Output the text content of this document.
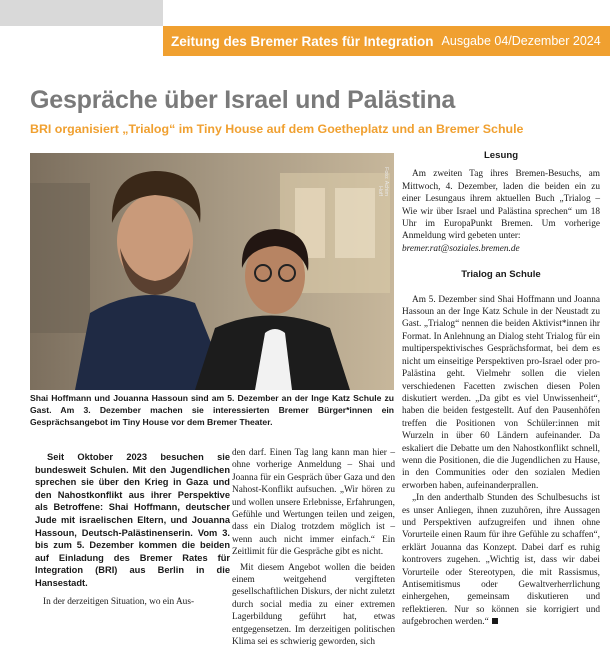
Zeitung des Bremer Rates für Integration Ausgabe 04/Dezember 2024
Gespräche über Israel und Palästina
BRI organisiert „Trialog“ im Tiny House auf dem Goetheplatz und an Bremer Schule
Foto: Achim Hoff

Shai Hoffmann und Jouanna Hassoun sind am 5. Dezember an der Inge Katz Schule zu Gast. Am 3. Dezember machen sie interessierten Bremer Bürger*innen ein Gesprächsangebot im Tiny House vor dem Bremer Theater.

Seit Oktober 2023 besuchen sie bundesweit Schulen. Mit den Jugendlichen sprechen sie über den Krieg in Gaza und den Nahostkonflikt aus ihrer Perspektive als Betroffene: Shai Hoffmann, deutscher Jude mit israelischen Eltern, und Jouanna Hassoun, Deutsch-Palästinenserin. Vom 3. bis zum 5. Dezember kommen die beiden auf Einladung des Bremer Rates für Integration (BRI) aus Berlin in die Hansestadt.

In der derzeitigen Situation, wo ein Aus-

den darf. Einen Tag lang kann man hier – ohne vorherige Anmeldung – Shai und Joanna für ein Gespräch über Gaza und den Nahost-Konflikt aufsuchen. „Wir hören zu und wollen unsere Erlebnisse, Erfahrungen, Gefühle und Wertungen teilen und zeigen, dass ein Dialog trotzdem möglich ist – wenn auch nicht immer einfach.“ Ein Zeitlimit für die Gespräche gibt es nicht.

Mit diesem Angebot wollen die beiden einem weitgehend vergifteten gesellschaftlichen Diskurs, der nicht zuletzt durch social media zu einer extremen Lagerbildung geführt hat, etwas entgegensetzen. Im derzeitigen politischen Klima sei es schwierig geworden, sich

Lesung

Am zweiten Tag ihres Bremen-Besuchs, am Mittwoch, 4. Dezember, laden die beiden ein zu einer Lesungaus ihrem aktuellen Buch „Trialog – Wie wir über Israel und Palästina sprechen“ um 18 Uhr im EuropaPunkt Bremen. Um vorherige Anmeldung wird gebeten unter:

bremer.rat@soziales.bremen.de

Trialog an Schule

Am 5. Dezember sind Shai Hoffmann und Joanna Hassoun an der Inge Katz Schule in der Neustadt zu Gast. „Trialog“ nennen die beiden Aktivist*innen ihr Format. In Anlehnung an Dialog steht Trialog für ein multiperspektivisches Gesprächsformat, bei dem es nicht um einseitige Perspektiven pro-Israel oder pro-Palästina geht. Vielmehr sollen die vielen verschiedenen Facetten zwischen diesen Polen diskutiert werden. „Da gibt es viel Unwissenheit“, haben die beiden festgestellt. Auf den Pausenhöfen treffen die Positionen von Schüler:innen mit Wurzeln in über 60 Ländern aufeinander. Da eskaliert die Debatte um den Nahostkonflikt schnell, wenn die Positionen, die die Jugendlichen zu Hause, in den Communities oder den sozialen Medien erworben haben, aufeinanderprallen.

„In den anderthalb Stunden des Schulbesuchs ist es unser Anliegen, ihnen zuzuhören, ihre Aussagen und Perspektiven aufzugreifen und ihnen ohne Vorurteile einen Raum für ihre Gefühle zu schaffen“, erklärt Jouanna das Konzept. Dabei darf es ruhig kontrovers zugehen. „Wichtig ist, dass wir dabei Vorurteile oder Stereotypen, die mit Rassismus, Antisemitismus oder Gewaltverherrlichung einhergehen, gemeinsam diskutieren und reflektieren. Nur so können sie korrigiert und aufgebrochen werden.“
